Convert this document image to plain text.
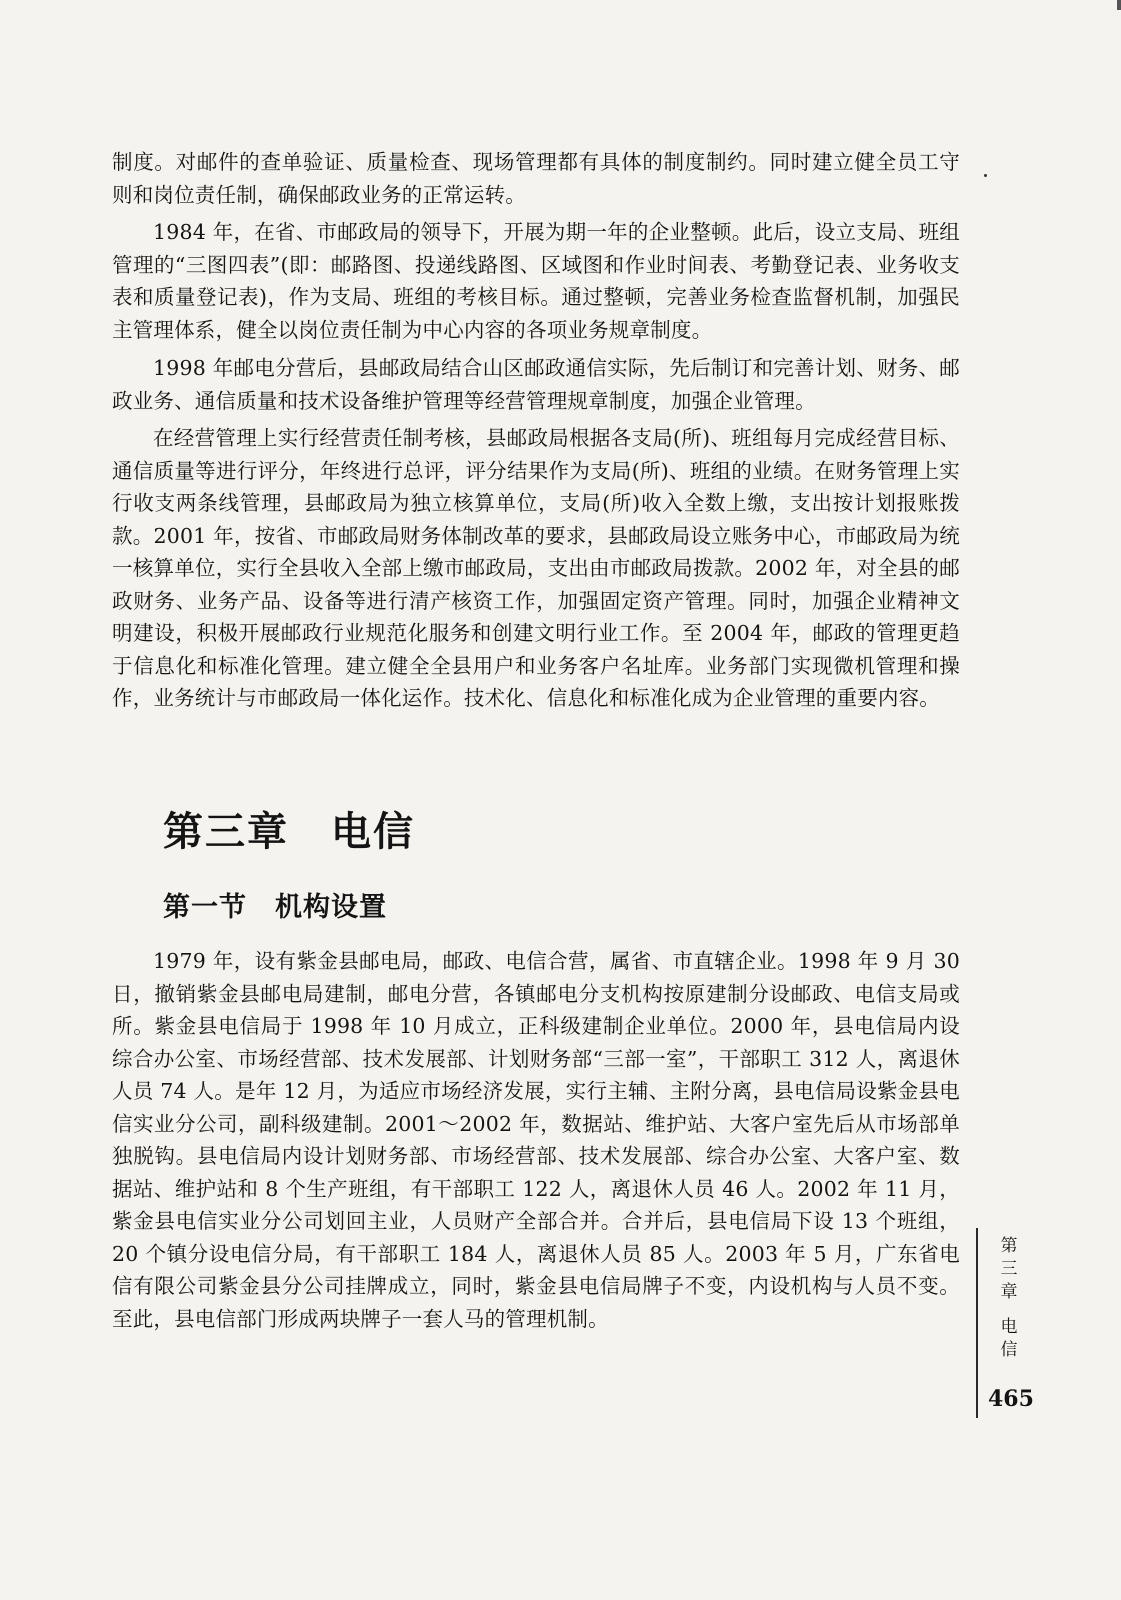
制度。对邮件的查单验证、质量检查、现场管理都有具体的制度制约。同时建立健全员工守则和岗位责任制，确保邮政业务的正常运转。

1984 年，在省、市邮政局的领导下，开展为期一年的企业整顿。此后，设立支局、班组管理的“三图四表”(即：邮路图、投递线路图、区域图和作业时间表、考勤登记表、业务收支表和质量登记表)，作为支局、班组的考核目标。通过整顿，完善业务检查监督机制，加强民主管理体系，健全以岗位责任制为中心内容的各项业务规章制度。

1998 年邮电分营后，县邮政局结合山区邮政通信实际，先后制订和完善计划、财务、邮政业务、通信质量和技术设备维护管理等经营管理规章制度，加强企业管理。

在经营管理上实行经营责任制考核，县邮政局根据各支局(所)、班组每月完成经营目标、通信质量等进行评分，年终进行总评，评分结果作为支局(所)、班组的业绩。在财务管理上实行收支两条线管理，县邮政局为独立核算单位，支局(所)收入全数上缴，支出按计划报账拨款。2001 年，按省、市邮政局财务体制改革的要求，县邮政局设立账务中心，市邮政局为统一核算单位，实行全县收入全部上缴市邮政局，支出由市邮政局拨款。2002 年，对全县的邮政财务、业务产品、设备等进行清产核资工作，加强固定资产管理。同时，加强企业精神文明建设，积极开展邮政行业规范化服务和创建文明行业工作。至 2004 年，邮政的管理更趋于信息化和标准化管理。建立健全全县用户和业务客户名址库。业务部门实现微机管理和操作，业务统计与市邮政局一体化运作。技术化、信息化和标准化成为企业管理的重要内容。

第三章　电信
第一节　机构设置

1979 年，设有紫金县邮电局，邮政、电信合营，属省、市直辖企业。1998 年 9 月 30 日，撤销紫金县邮电局建制，邮电分营，各镇邮电分支机构按原建制分设邮政、电信支局或所。紫金县电信局于 1998 年 10 月成立，正科级建制企业单位。2000 年，县电信局内设综合办公室、市场经营部、技术发展部、计划财务部“三部一室”，干部职工 312 人，离退休人员 74 人。是年 12 月，为适应市场经济发展，实行主辅、主附分离，县电信局设紫金县电信实业分公司，副科级建制。2001～2002 年，数据站、维护站、大客户室先后从市场部单独脱钩。县电信局内设计划财务部、市场经营部、技术发展部、综合办公室、大客户室、数据站、维护站和 8 个生产班组，有干部职工 122 人，离退休人员 46 人。2002 年 11 月，紫金县电信实业分公司划回主业，人员财产全部合并。合并后，县电信局下设 13 个班组，20 个镇分设电信分局，有干部职工 184 人，离退休人员 85 人。2003 年 5 月，广东省电信有限公司紫金县分公司挂牌成立，同时，紫金县电信局牌子不变，内设机构与人员不变。至此，县电信部门形成两块牌子一套人马的管理机制。

第
三
章
电
信
465
